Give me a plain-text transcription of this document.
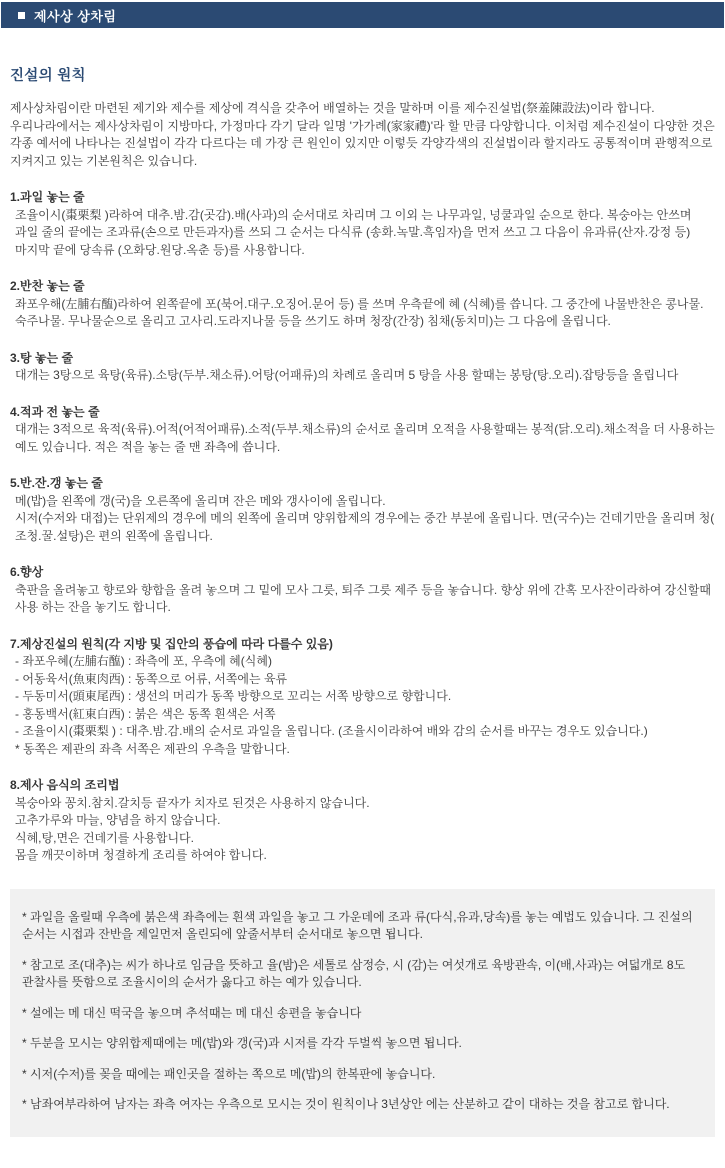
제사상 상차림
진설의 원칙

제사상차림이란 마련된 제기와 제수를 제상에 격식을 갖추어 배열하는 것을 말하며 이를 제수진설법(祭羞陳設法)이라 합니다. 우리나라에서는 제사상차림이 지방마다, 가정마다 각기 달라 일명 '가가례(家家禮)'라 할 만큼 다양합니다. 이처럼 제수진설이 다양한 것은 각종 예서에 나타나는 진설법이 각각 다르다는 데 가장 큰 원인이 있지만 이렇듯 각양각색의 진설법이라 할지라도 공통적이며 관행적으로 지켜지고 있는 기본원칙은 있습니다.

1.과일 놓는 줄

조율이시(棗栗梨 )라하여 대추.밤.감(곳감).배(사과)의 순서대로 차리며 그 이외 는 나무과일, 넝쿨과일 순으로 한다. 복숭아는 안쓰며 과일 줄의 끝에는 조과류(손으로 만든과자)를 쓰되 그 순서는 다식류 (송화.녹말.흑임자)을 먼저 쓰고 그 다음이 유과류(산자.강정 등) 마지막 끝에 당속류 (오화당.원당.옥춘 등)를 사용합니다.

2.반찬 놓는 줄

좌포우해(左脯右醢)라하여 왼쪽끝에 포(북어.대구.오징어.문어 등) 를 쓰며 우측끝에 혜 (식혜)를 씁니다. 그 중간에 나물반찬은 콩나물.숙주나물. 무나물순으로 올리고 고사리.도라지나물 등을 쓰기도 하며 청장(간장) 침채(동치미)는 그 다음에 올립니다.

3.탕 놓는 줄

대개는 3탕으로 육탕(육류).소탕(두부.채소류).어탕(어패류)의 차례로 올리며 5 탕을 사용 할때는 봉탕(탕.오리).잡탕등을 올립니다

4.적과 전 놓는 줄

대개는 3적으로 육적(육류).어적(어적어패류).소적(두부.채소류)의 순서로 올리며 오적을 사용할때는 봉적(닭.오리).채소적을 더 사용하는 예도 있습니다. 적은 적을 놓는 줄 맨 좌측에 씁니다.

5.반.잔.갱 놓는 줄

메(밥)을 왼쪽에 갱(국)을 오른쪽에 올리며 잔은 메와 갱사이에 올립니다.

시저(수저와 대접)는 단위제의 경우에 메의 왼쪽에 올리며 양위합제의 경우에는 중간 부분에 올립니다. 면(국수)는 건데기만을 올리며 청( 조청.꿀.설탕)은 편의 왼쪽에 올립니다.

6.향상

축판을 올려놓고 향로와 향합을 올려 놓으며 그 밑에 모사 그릇, 퇴주 그릇 제주 등을 놓습니다. 향상 위에 간혹 모사잔이라하여 강신할때 사용 하는 잔을 놓기도 합니다.

7.제상진설의 원칙(각 지방 및 집안의 풍습에 따라 다를수 있음)

- 좌포우혜(左脯右醢) : 좌측에 포, 우측에 혜(식혜)

- 어동육서(魚東肉西) : 동쪽으로 어류, 서쪽에는 육류

- 두동미서(頭東尾西) : 생선의 머리가 동쪽 방향으로 꼬리는 서쪽 방향으로 향합니다.

- 홍동백서(紅東白西) : 붉은 색은 동쪽 흰색은 서쪽

- 조율이시(棗栗梨 ) : 대추.밤.감.배의 순서로 과일을 올립니다. (조율시이라하여 배와 감의 순서를 바꾸는 경우도 있습니다.)

* 동쪽은 제관의 좌측 서쪽은 제관의 우측을 말합니다.

8.제사 음식의 조리법

복숭아와 꽁치.참치.갈치등 끝자가 치자로 된것은 사용하지 않습니다.

고추가루와 마늘, 양념을 하지 않습니다.

식혜,탕,면은 건데기를 사용합니다.

몸을 깨끗이하며 청결하게 조리를 하여야 합니다.

* 과일을 올릴때 우측에 붉은색 좌측에는 흰색 과일을 놓고 그 가운데에 조과 류(다식,유과,당속)를 놓는 예법도 있습니다. 그 진설의 순서는 시접과 잔반을 제일먼저 올린되에 앞줄서부터 순서대로 놓으면 됩니다.

* 참고로 조(대추)는 씨가 하나로 임금을 뜻하고 율(밤)은 세톨로 삼정승, 시 (감)는 여섯개로 육방관속, 이(배,사과)는 여덟개로 8도 관찰사를 뜻함으로 조율시이의 순서가 옳다고 하는 예가 있습니다.

* 설에는 메 대신 떡국을 놓으며 추석때는 메 대신 송편을 놓습니다

* 두분을 모시는 양위합제때에는 메(밥)와 갱(국)과 시저를 각각 두벌씩 놓으면 됩니다.

* 시저(수저)를 꽂을 때에는 패인곳을 절하는 쪽으로 메(밥)의 한복판에 놓습니다.

* 남좌여부라하여 남자는 좌측 여자는 우측으로 모시는 것이 원칙이나 3년상안 에는 산분하고 같이 대하는 것을 참고로 합니다.
